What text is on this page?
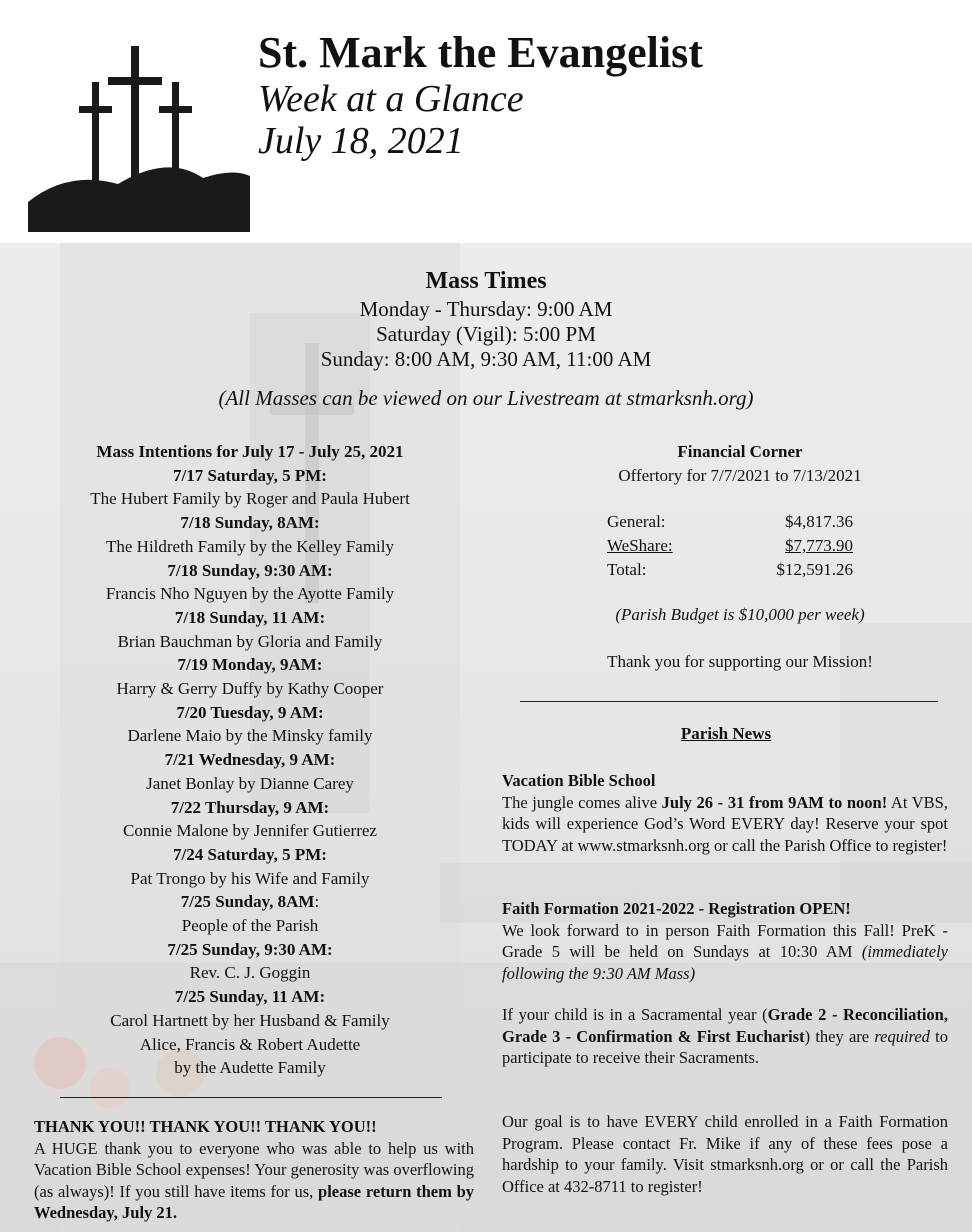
St. Mark the Evangelist

Week at a Glance

July 18, 2021

Mass Times
Monday - Thursday: 9:00 AM
Saturday (Vigil): 5:00 PM
Sunday: 8:00 AM, 9:30 AM, 11:00 AM
(All Masses can be viewed on our Livestream at stmarksnh.org)
Mass Intentions for July 17 - July 25, 2021
7/17 Saturday, 5 PM:
The Hubert Family by Roger and Paula Hubert
7/18 Sunday, 8AM:
The Hildreth Family by the Kelley Family
7/18 Sunday, 9:30 AM:
Francis Nho Nguyen by the Ayotte Family
7/18 Sunday, 11 AM:
Brian Bauchman by Gloria and Family
7/19 Monday, 9AM:
Harry & Gerry Duffy by Kathy Cooper
7/20 Tuesday, 9 AM:
Darlene Maio by the Minsky family
7/21 Wednesday, 9 AM:
Janet Bonlay by Dianne Carey
7/22 Thursday, 9 AM:
Connie Malone by Jennifer Gutierrez
7/24 Saturday, 5 PM:
Pat Trongo by his Wife and Family
7/25 Sunday, 8AM:
People of the Parish
7/25 Sunday, 9:30 AM:
Rev. C. J. Goggin
7/25 Sunday, 11 AM:
Carol Hartnett by her Husband & Family
Alice, Francis & Robert Audette
by the Audette Family
THANK YOU!! THANK YOU!! THANK YOU!!
A HUGE thank you to everyone who was able to help us with Vacation Bible School expenses! Your generosity was overflowing (as always)! If you still have items for us, please return them by Wednesday, July 21.
Financial Corner
Offertory for 7/7/2021 to 7/13/2021
General:	$4,817.36
WeShare:	$7,773.90
Total:	$12,591.26
(Parish Budget is $10,000 per week)
Thank you for supporting our Mission!
Parish News
Vacation Bible School
The jungle comes alive July 26 - 31 from 9AM to noon! At VBS, kids will experience God’s Word EVERY day! Reserve your spot TODAY at www.stmarksnh.org or call the Parish Office to register!
Faith Formation 2021-2022 - Registration OPEN!
We look forward to in person Faith Formation this Fall! PreK - Grade 5 will be held on Sundays at 10:30 AM (immediately following the 9:30 AM Mass)
If your child is in a Sacramental year (Grade 2 - Reconciliation, Grade 3 - Confirmation & First Eucharist) they are required to participate to receive their Sacraments.
Our goal is to have EVERY child enrolled in a Faith Formation Program. Please contact Fr. Mike if any of these fees pose a hardship to your family. Visit stmarksnh.org or or call the Parish Office at 432-8711 to register!
